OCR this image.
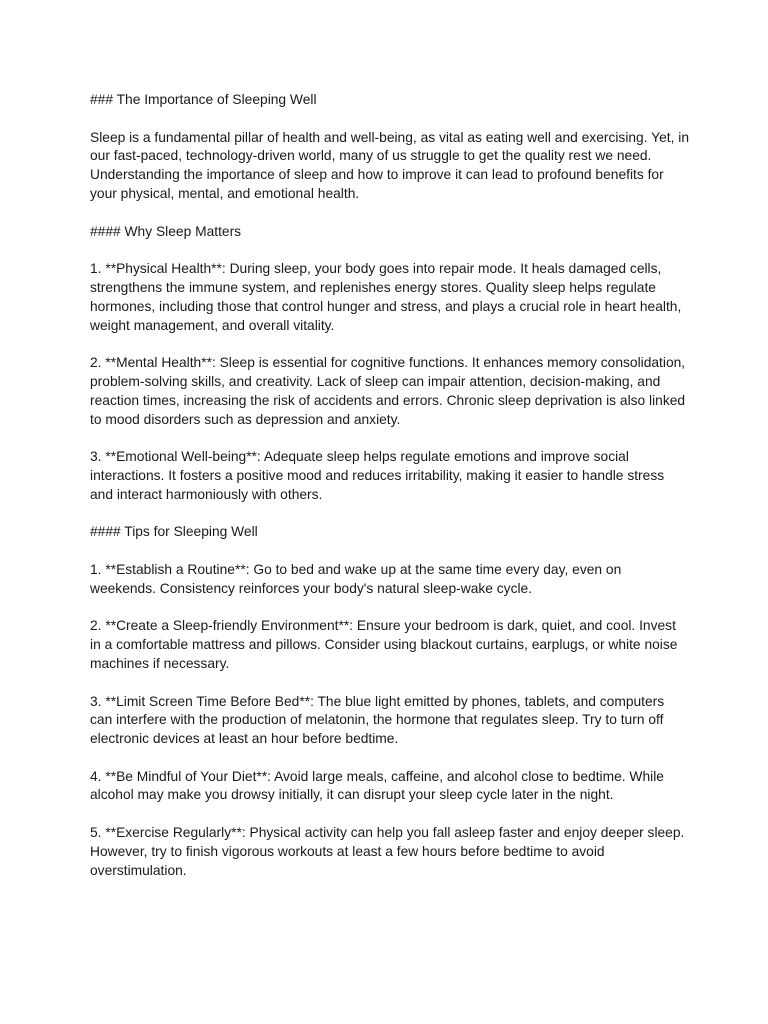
### The Importance of Sleeping Well

Sleep is a fundamental pillar of health and well-being, as vital as eating well and exercising. Yet, in our fast-paced, technology-driven world, many of us struggle to get the quality rest we need. Understanding the importance of sleep and how to improve it can lead to profound benefits for your physical, mental, and emotional health.

#### Why Sleep Matters

1. **Physical Health**: During sleep, your body goes into repair mode. It heals damaged cells, strengthens the immune system, and replenishes energy stores. Quality sleep helps regulate hormones, including those that control hunger and stress, and plays a crucial role in heart health, weight management, and overall vitality.

2. **Mental Health**: Sleep is essential for cognitive functions. It enhances memory consolidation, problem-solving skills, and creativity. Lack of sleep can impair attention, decision-making, and reaction times, increasing the risk of accidents and errors. Chronic sleep deprivation is also linked to mood disorders such as depression and anxiety.

3. **Emotional Well-being**: Adequate sleep helps regulate emotions and improve social interactions. It fosters a positive mood and reduces irritability, making it easier to handle stress and interact harmoniously with others.

#### Tips for Sleeping Well

1. **Establish a Routine**: Go to bed and wake up at the same time every day, even on weekends. Consistency reinforces your body's natural sleep-wake cycle.

2. **Create a Sleep-friendly Environment**: Ensure your bedroom is dark, quiet, and cool. Invest in a comfortable mattress and pillows. Consider using blackout curtains, earplugs, or white noise machines if necessary.

3. **Limit Screen Time Before Bed**: The blue light emitted by phones, tablets, and computers can interfere with the production of melatonin, the hormone that regulates sleep. Try to turn off electronic devices at least an hour before bedtime.

4. **Be Mindful of Your Diet**: Avoid large meals, caffeine, and alcohol close to bedtime. While alcohol may make you drowsy initially, it can disrupt your sleep cycle later in the night.

5. **Exercise Regularly**: Physical activity can help you fall asleep faster and enjoy deeper sleep. However, try to finish vigorous workouts at least a few hours before bedtime to avoid overstimulation.
